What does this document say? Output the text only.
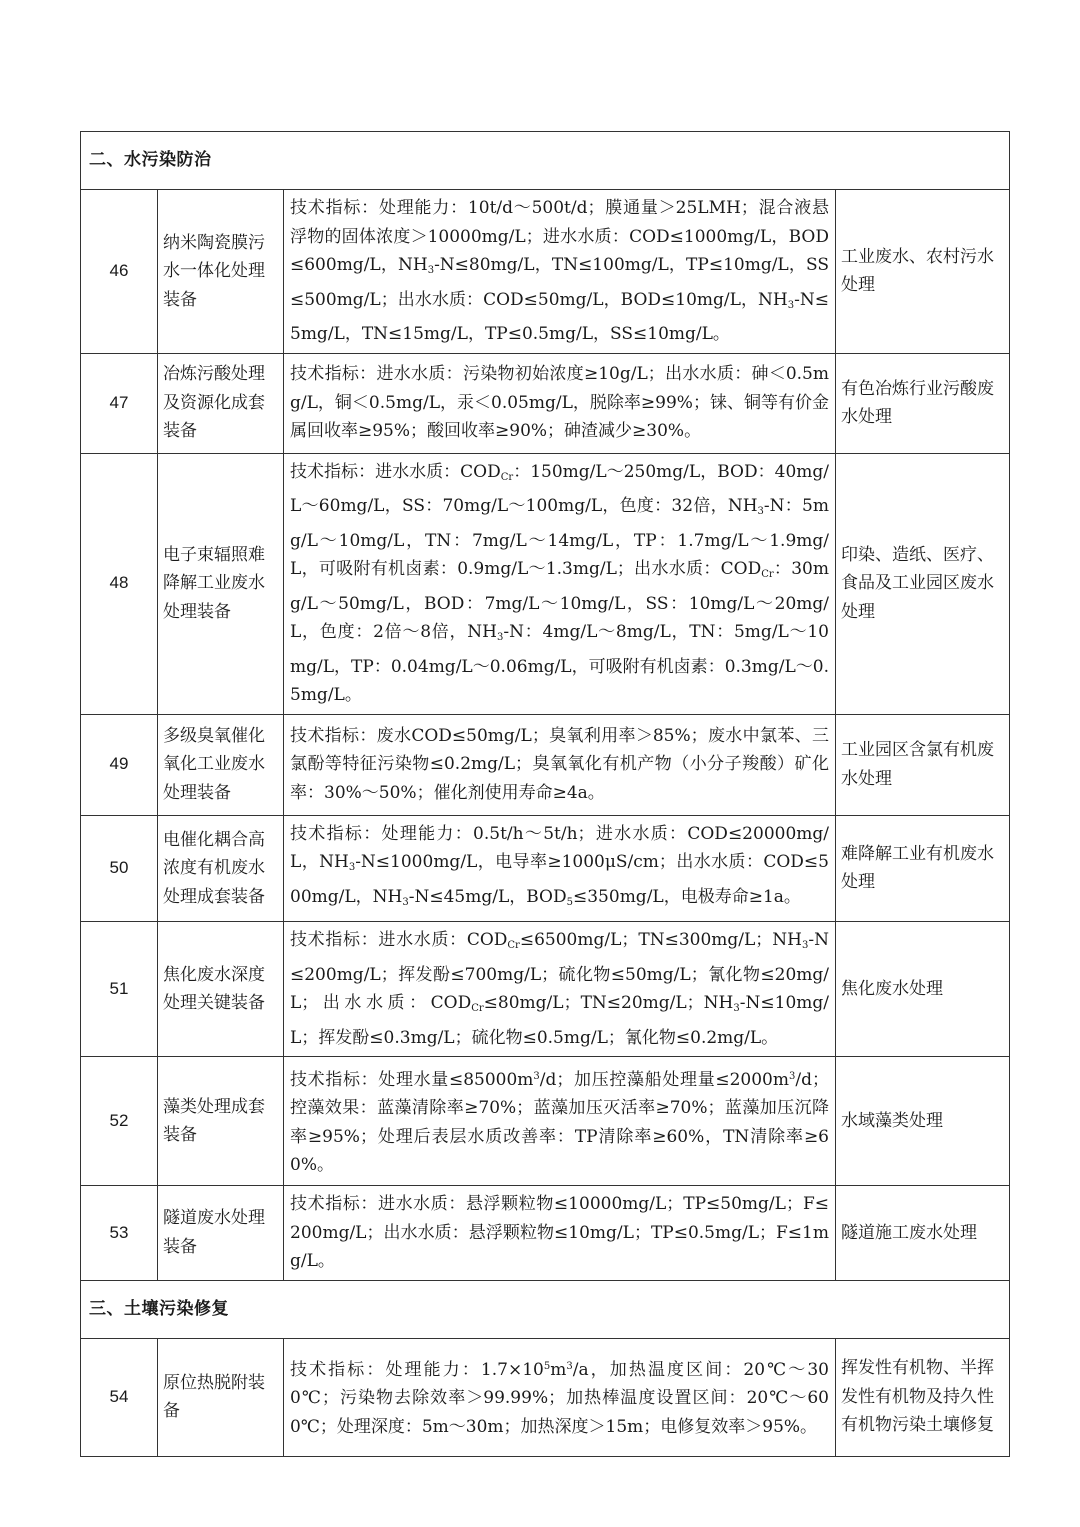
二、水污染防治			
46	纳米陶瓷膜污水一体化处理装备	技术指标：处理能力：10t/d～500t/d；膜通量＞25LMH；混合液悬浮物的固体浓度＞10000mg/L；进水水质：COD≤1000mg/L，BOD≤600mg/L，$NH_3-N\le 80mg/L$，TN≤100mg/L，TP≤10mg/L，SS≤500mg/L；出水水质：COD≤50mg/L，BOD≤10mg/L，$NH_3-N\le 5mg/L$，TN≤15mg/L，TP≤0.5mg/L，SS≤10mg/L。	工业废水、农村污水处理
47	冶炼污酸处理及资源化成套装备	技术指标：进水水质：污染物初始浓度≥10g/L；出水水质：砷＜0.5mg/L，铜＜0.5mg/L，汞＜0.05mg/L，脱除率≥99%；铼、铜等有价金属回收率≥95%；酸回收率≥90%；砷渣减少≥30%。	有色冶炼行业污酸废水处理
48	电子束辐照难降解工业废水处理装备	技术指标：进水水质：$COD_{Cr}$：150mg/L～250mg/L，BOD：40mg/L～60mg/L，SS：70mg/L～100mg/L，色度：32倍，$NH_3-N$：5mg/L～10mg/L，TN：7mg/L～14mg/L，TP：1.7mg/L～1.9mg/L，可吸附有机卤素：0.9mg/L～1.3mg/L；出水水质：$COD_{Cr}$：30mg/L～50mg/L，BOD：7mg/L～10mg/L，SS：10mg/L～20mg/L，色度：2倍～8倍，$NH_3-N$：4mg/L～8mg/L，TN：5mg/L～10mg/L，TP：0.04mg/L～0.06mg/L，可吸附有机卤素：0.3mg/L～0.5mg/L。	印染、造纸、医疗、食品及工业园区废水处理
49	多级臭氧催化氧化工业废水处理装备	技术指标：废水COD≤50mg/L；臭氧利用率＞85%；废水中氯苯、三氯酚等特征污染物≤0.2mg/L；臭氧氧化有机产物（小分子羧酸）矿化率：30%～50%；催化剂使用寿命≥4a。	工业园区含氯有机废水处理
50	电催化耦合高浓度有机废水处理成套装备	技术指标：处理能力：0.5t/h～5t/h；进水水质：COD≤20000mg/L，$NH_3-N\le 1000mg/L$，电导率≥1000μS/cm；出水水质：COD≤500mg/L，$NH_3-N\le 45mg/L$，$BOD_5\le 350mg/L$，电极寿命≥1a。	难降解工业有机废水处理
51	焦化废水深度处理关键装备	技术指标：进水水质：$COD_{Cr}\le 6500mg/L$；TN≤300mg/L；$NH_3-N\le 200mg/L$；挥发酚≤700mg/L；硫化物≤50mg/L；氰化物≤20mg/L；出水水质：$COD_{Cr}\le 80mg/L$；TN≤20mg/L；$NH_3-N\le 10mg/L$；挥发酚≤0.3mg/L；硫化物≤0.5mg/L；氰化物≤0.2mg/L。	焦化废水处理
52	藻类处理成套装备	技术指标：处理水量$\le 85000m^3/d$；加压控藻船处理量$\le 2000m^3/d$；控藻效果：蓝藻清除率≥70%；蓝藻加压灭活率≥70%；蓝藻加压沉降率≥95%；处理后表层水质改善率：TP清除率≥60%，TN清除率≥60%。	水域藻类处理
53	隧道废水处理装备	技术指标：进水水质：悬浮颗粒物≤10000mg/L；TP≤50mg/L；F≤200mg/L；出水水质：悬浮颗粒物≤10mg/L；TP≤0.5mg/L；F≤1mg/L。	隧道施工废水处理
三、土壤污染修复			
54	原位热脱附装备	技术指标：处理能力：$1.7\times 10^5m^3/a$，加热温度区间：20℃～300℃；污染物去除效率＞99.99%；加热棒温度设置区间：20℃～600℃；处理深度：5m～30m；加热深度＞15m；电修复效率＞95%。	挥发性有机物、半挥发性有机物及持久性有机物污染土壤修复
